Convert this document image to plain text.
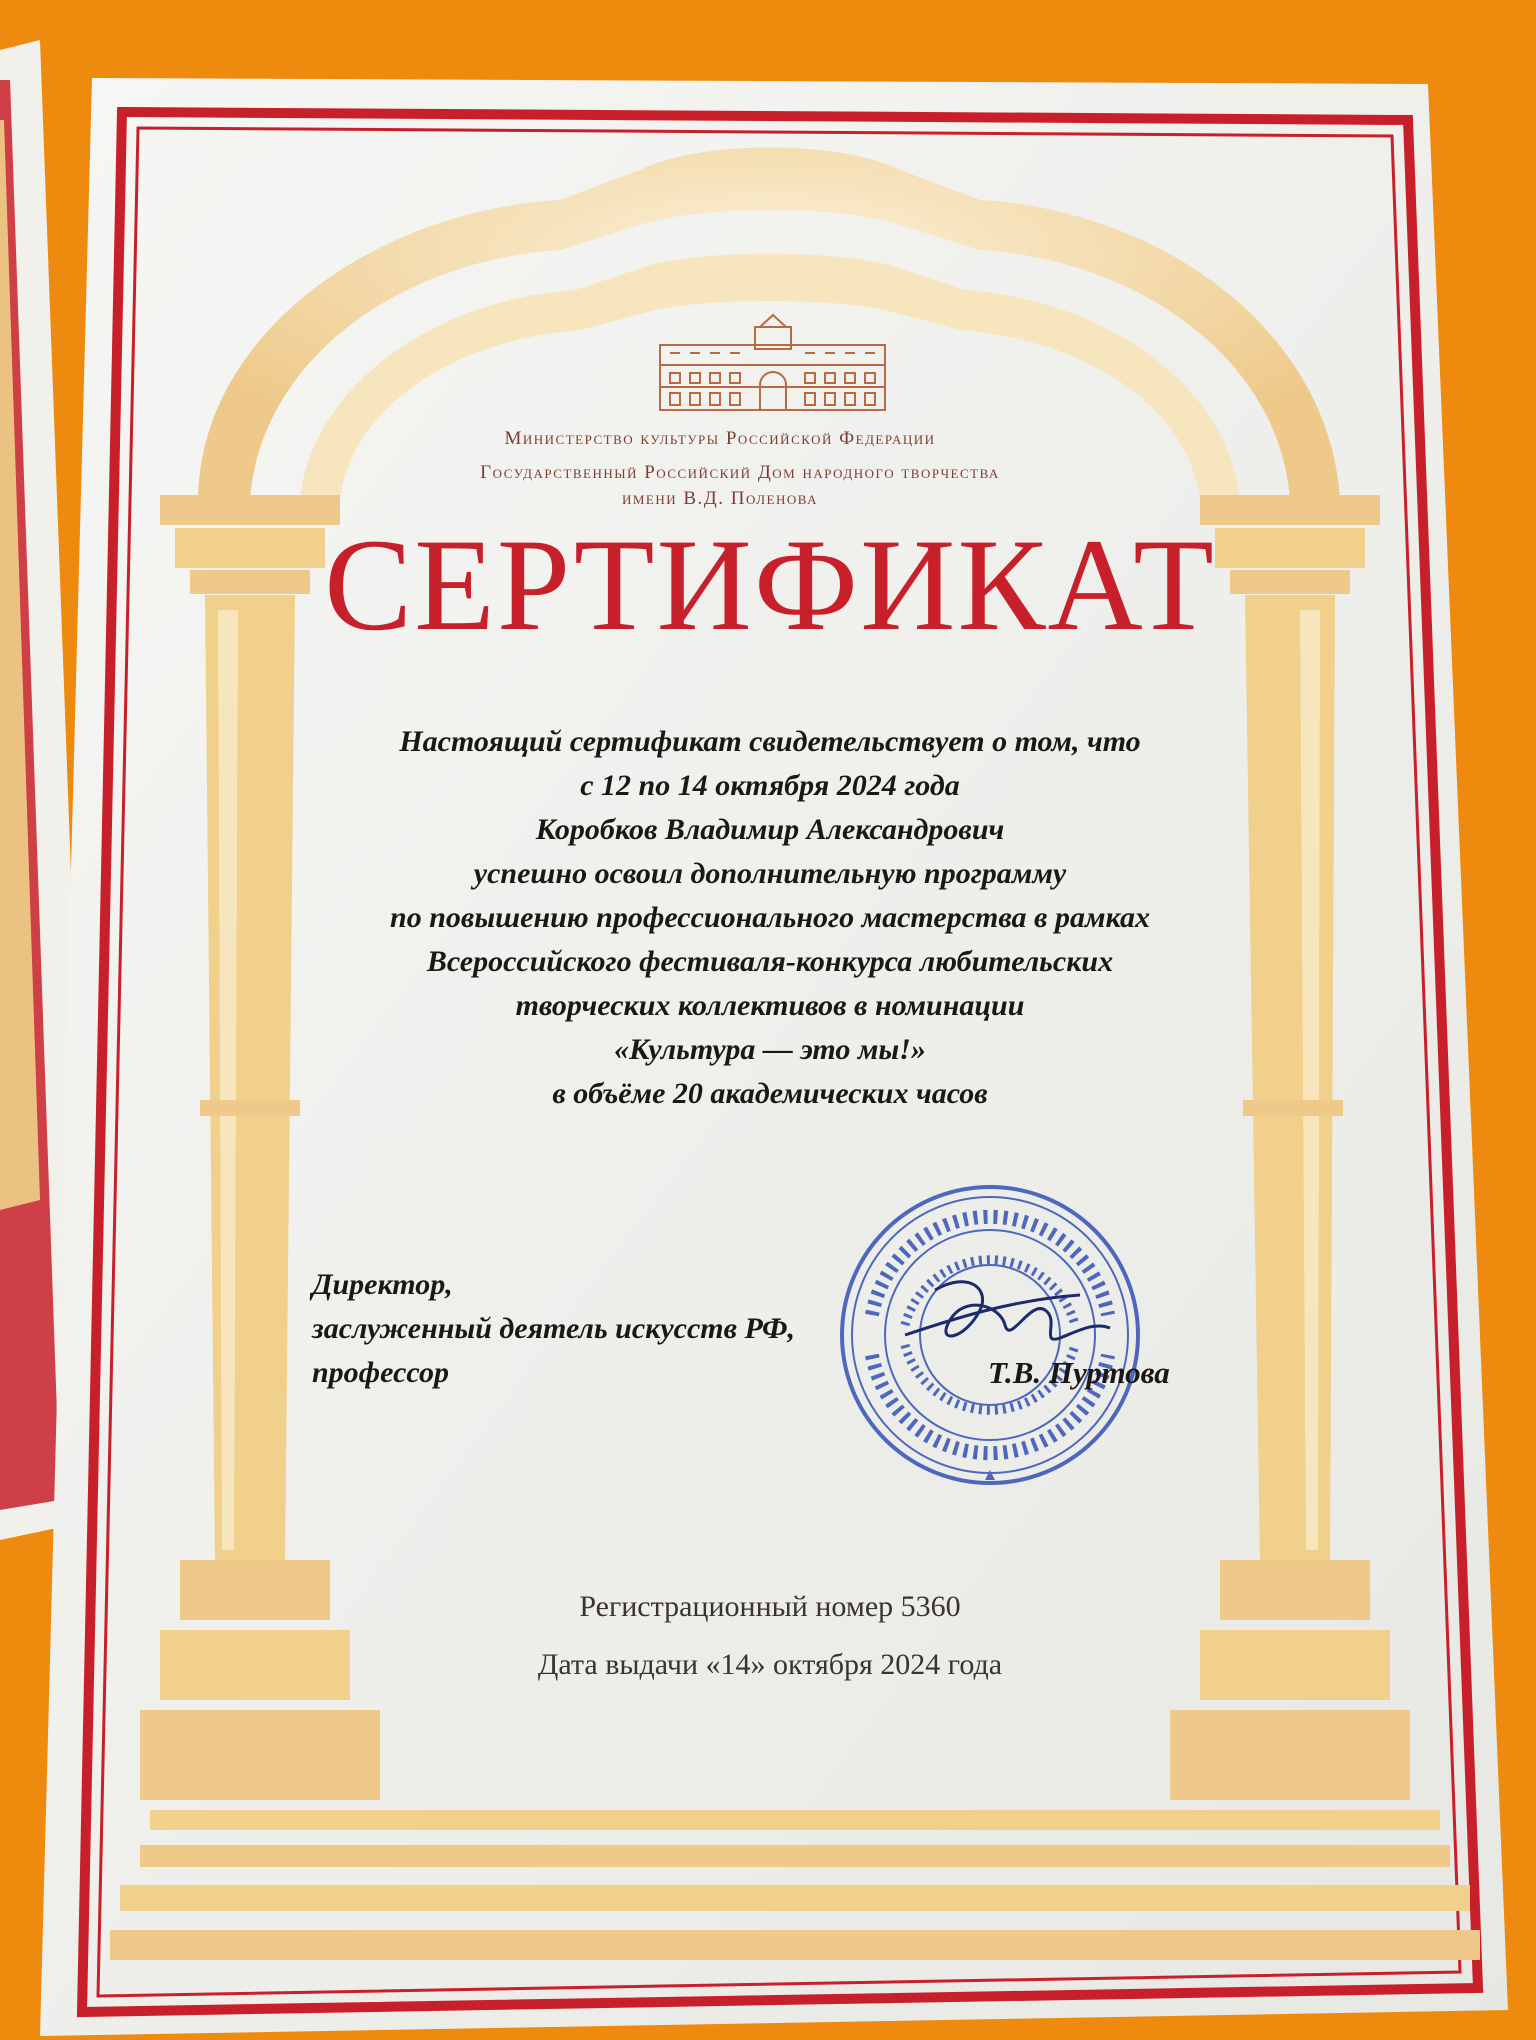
Министерство культуры Российской Федерации
Государственный Российский Дом народного творчества
имени В.Д. Поленова
СЕРТИФИКАТ
Настоящий сертификат свидетельствует о том, что
с 12 по 14 октября 2024 года
Коробков Владимир Александрович
успешно освоил дополнительную программу
по повышению профессионального мастерства в рамках
Всероссийского фестиваля-конкурса любительских
творческих коллективов в номинации
«Культура — это мы!»
в объёме 20 академических часов
Директор,
заслуженный деятель искусств РФ,
профессор	Т.В. Пуртова
Регистрационный номер 5360
Дата выдачи «14» октября 2024 года
